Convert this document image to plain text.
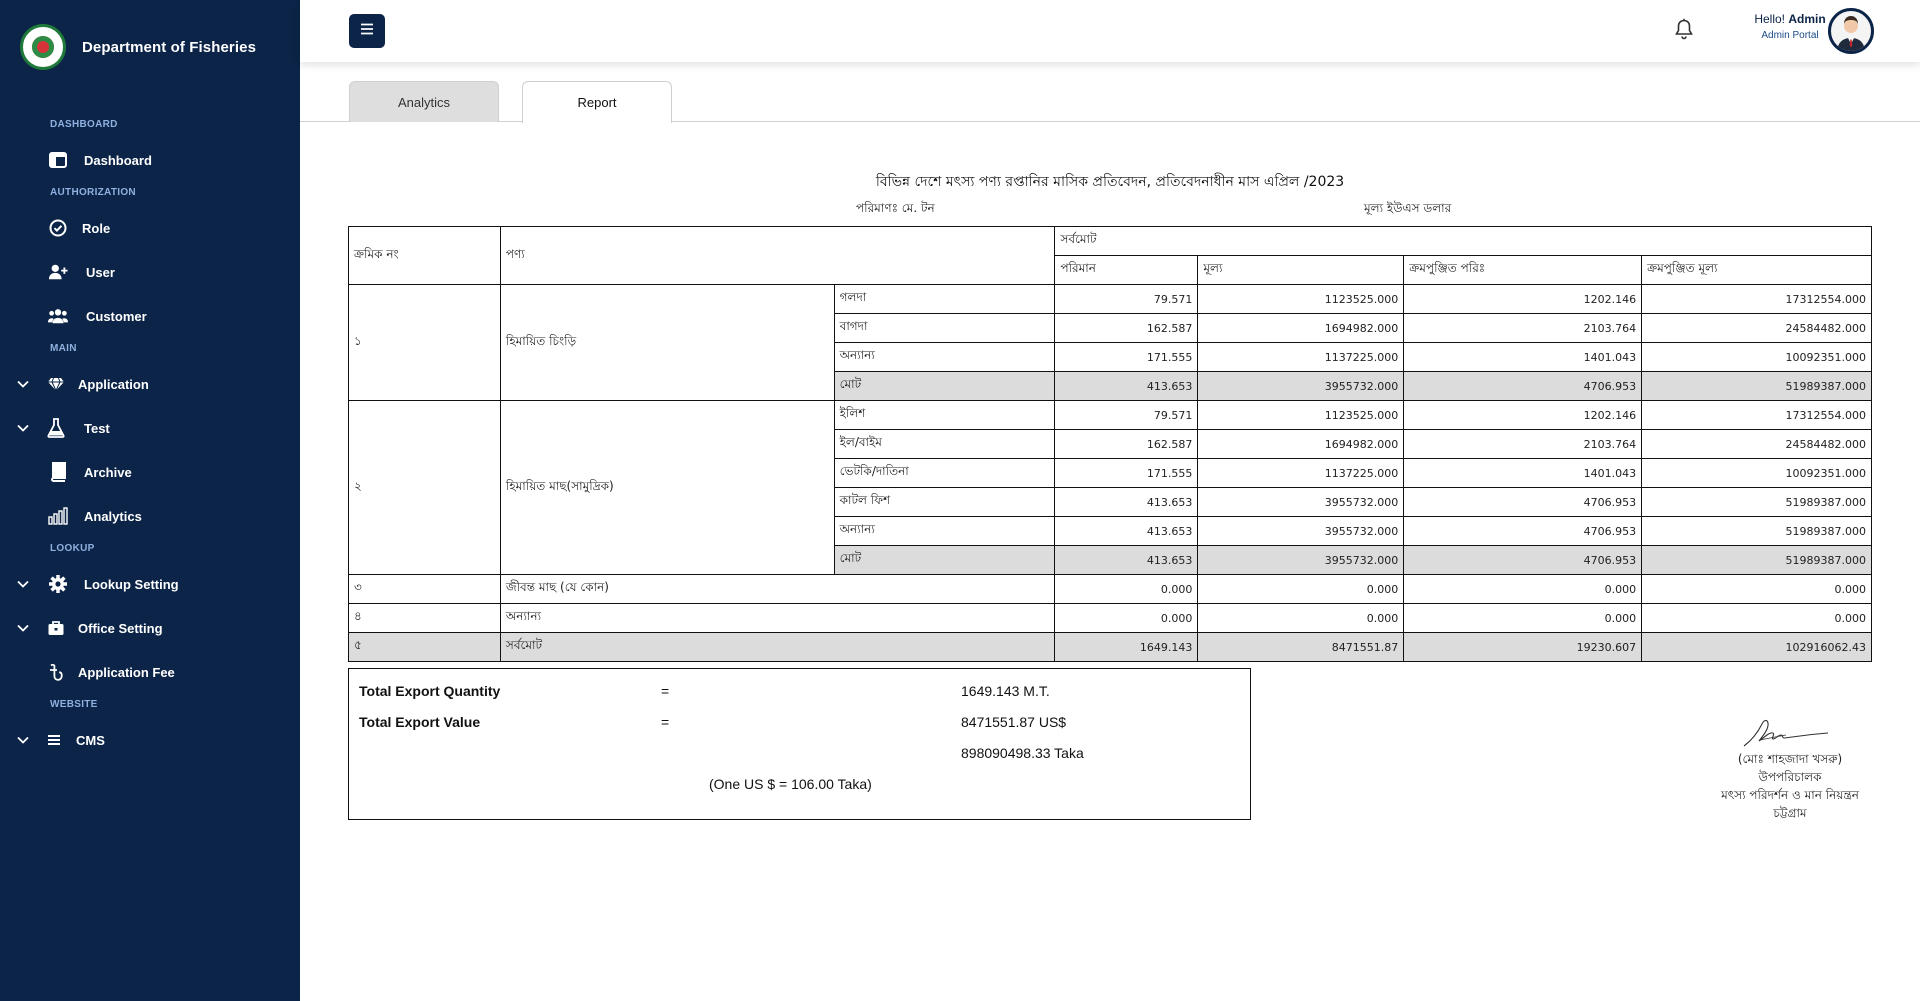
Department of Fisheries
DASHBOARD
Dashboard
AUTHORIZATION
Role
User
Customer
MAIN
Application
Test
Archive
Analytics
LOOKUP
Lookup Setting
Office Setting
Application Fee
WEBSITE
CMS
Hello! Admin
Admin Portal
Analytics	Report
বিভিন্ন দেশে মৎস্য পণ্য রপ্তানির মাসিক প্রতিবেদন, প্রতিবেদনাধীন মাস এপ্রিল /2023
পরিমাণঃ মে. টন	মূল্য ইউএস ডলার
ক্রমিক নং	পণ্য		সর্বমোট			
			পরিমান	মূল্য	ক্রমপুঞ্জিত পরিঃ	ক্রমপুঞ্জিত মূল্য
১	হিমায়িত চিংড়ি	গলদা	79.571	1123525.000	1202.146	17312554.000
		বাগদা	162.587	1694982.000	2103.764	24584482.000
		অন্যান্য	171.555	1137225.000	1401.043	10092351.000
		মোট	413.653	3955732.000	4706.953	51989387.000
২	হিমায়িত মাছ(সামুদ্রিক)	ইলিশ	79.571	1123525.000	1202.146	17312554.000
		ইল/বাইম	162.587	1694982.000	2103.764	24584482.000
		ভেটকি/দাতিনা	171.555	1137225.000	1401.043	10092351.000
		কাটল ফিশ	413.653	3955732.000	4706.953	51989387.000
		অন্যান্য	413.653	3955732.000	4706.953	51989387.000
		মোট	413.653	3955732.000	4706.953	51989387.000
৩	জীবন্ত মাছ (যে কোন)		0.000	0.000	0.000	0.000
৪	অন্যান্য		0.000	0.000	0.000	0.000
৫	সর্বমোট		1649.143	8471551.87	19230.607	102916062.43
Total Export Quantity	=	1649.143 M.T.
Total Export Value	=	8471551.87 US$
898090498.33 Taka
(One US $ = 106.00 Taka)
(মোঃ শাহজাদা খসরু)
উপপরিচালক
মৎস্য পরিদর্শন ও মান নিয়ন্ত্রন
চট্টগ্রাম
